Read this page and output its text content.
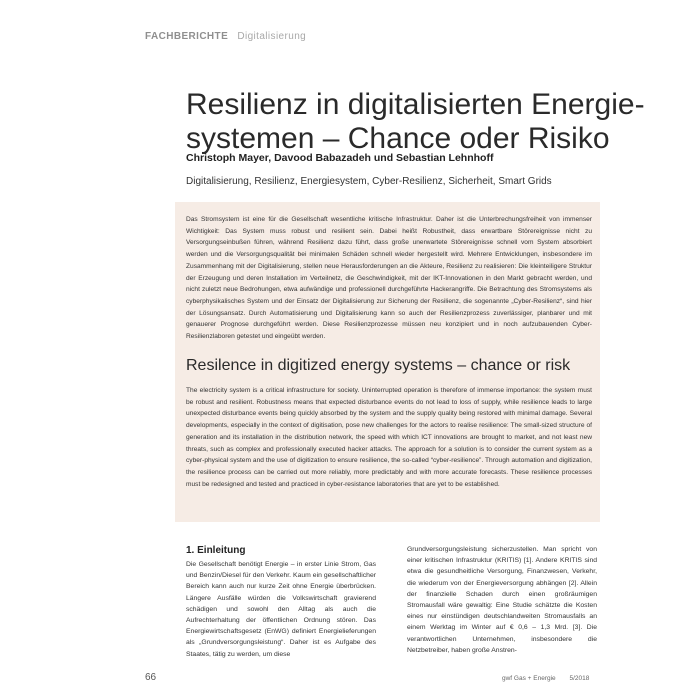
FACHBERICHTE Digitalisierung
Resilienz in digitalisierten Energie-
systemen – Chance oder Risiko
Christoph Mayer, Davood Babazadeh und Sebastian Lehnhoff
Digitalisierung, Resilienz, Energiesystem, Cyber-Resilienz, Sicherheit, Smart Grids

Das Stromsystem ist eine für die Gesellschaft wesentliche kritische Infrastruktur. Daher ist die Unterbrechungsfreiheit von immenser Wichtigkeit: Das System muss robust und resilient sein. Dabei heißt Robustheit, dass erwartbare Störereignisse nicht zu Versorgungseinbußen führen, während Resilienz dazu führt, dass große unerwartete Störereignisse schnell vom System absorbiert werden und die Versorgungsqualität bei minimalen Schäden schnell wieder hergestellt wird. Mehrere Entwicklungen, insbesondere im Zusammenhang mit der Digitalisierung, stellen neue Herausforderungen an die Akteure, Resilienz zu realisieren: Die kleinteiligere Struktur der Erzeugung und deren Installation im Verteilnetz, die Geschwindigkeit, mit der IKT-Innovationen in den Markt gebracht werden, und nicht zuletzt neue Bedrohungen, etwa aufwändige und professionell durchgeführte Hackerangriffe. Die Betrachtung des Stromsystems als cyberphysikalisches System und der Einsatz der Digitalisierung zur Sicherung der Resilienz, die sogenannte „Cyber-Resilienz“, sind hier der Lösungsansatz. Durch Automatisierung und Digitalisierung kann so auch der Resilienzprozess zuverlässiger, planbarer und mit genauerer Prognose durchgeführt werden. Diese Resilienzprozesse müssen neu konzipiert und in noch aufzubauenden Cyber-Resilienzlaboren getestet und eingeübt werden.

Resilence in digitized energy systems – chance or risk

The electricity system is a critical infrastructure for society. Uninterrupted operation is therefore of immense importance: the system must be robust and resilient. Robustness means that expected disturbance events do not lead to loss of supply, while resilience leads to large unexpected disturbance events being quickly absorbed by the system and the supply quality being restored with minimal damage. Several developments, especially in the context of digitisation, pose new challenges for the actors to realise resilience: The small-sized structure of generation and its installation in the distribution network, the speed with which ICT innovations are brought to market, and not least new threats, such as complex and professionally executed hacker attacks. The approach for a solution is to consider the current system as a cyber-physical system and the use of digitization to ensure resilience, the so-called “cyber-resilience”. Through automation and digitization, the resilience process can be carried out more reliably, more predictably and with more accurate forecasts. These resilience processes must be redesigned and tested and practiced in cyber-resistance laboratories that are yet to be established.

1. Einleitung

Die Gesellschaft benötigt Energie – in erster Linie Strom, Gas und Benzin/Diesel für den Verkehr. Kaum ein gesellschaftlicher Bereich kann auch nur kurze Zeit ohne Energie überbrücken. Längere Ausfälle würden die Volkswirtschaft gravierend schädigen und sowohl den Alltag als auch die Aufrechterhaltung der öffentlichen Ordnung stören. Das Energiewirtschaftsgesetz (EnWG) definiert Energielieferungen als „Grundversorgungsleistung“. Daher ist es Aufgabe des Staates, tätig zu werden, um diese

Grundversorgungsleistung sicherzustellen. Man spricht von einer kritischen Infrastruktur (KRITIS) [1]. Andere KRITIS sind etwa die gesundheitliche Versorgung, Finanzwesen, Verkehr, die wiederum von der Energieversorgung abhängen [2]. Allein der finanzielle Schaden durch einen großräumigen Stromausfall wäre gewaltig: Eine Studie schätzte die Kosten eines nur einstündigen deutschlandweiten Stromausfalls an einem Werktag im Winter auf € 0,6 – 1,3 Mrd. [3]. Die verantwortlichen Unternehmen, insbesondere die Netzbetreiber, haben große Anstren-

66	gwf Gas + Energie 5/2018
